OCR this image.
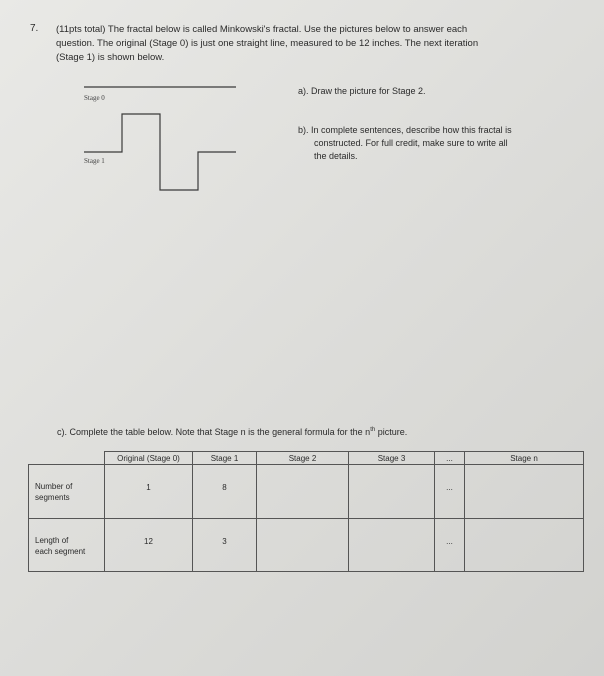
7. (11pts total) The fractal below is called Minkowski's fractal. Use the pictures below to answer each
question. The original (Stage 0) is just one straight line, measured to be 12 inches. The next iteration
(Stage 1) is shown below.
Stage 0
Stage 1
a). Draw the picture for Stage 2.
b). In complete sentences, describe how this fractal is
constructed. For full credit, make sure to write all
the details.
c). Complete the table below. Note that Stage n is the general formula for the $n^{th}$ picture.
	Original (Stage 0)	Stage 1	Stage 2	Stage 3	...	Stage n

Number of
segments	1	8			...	

Length of
each segment	12	3			...	
